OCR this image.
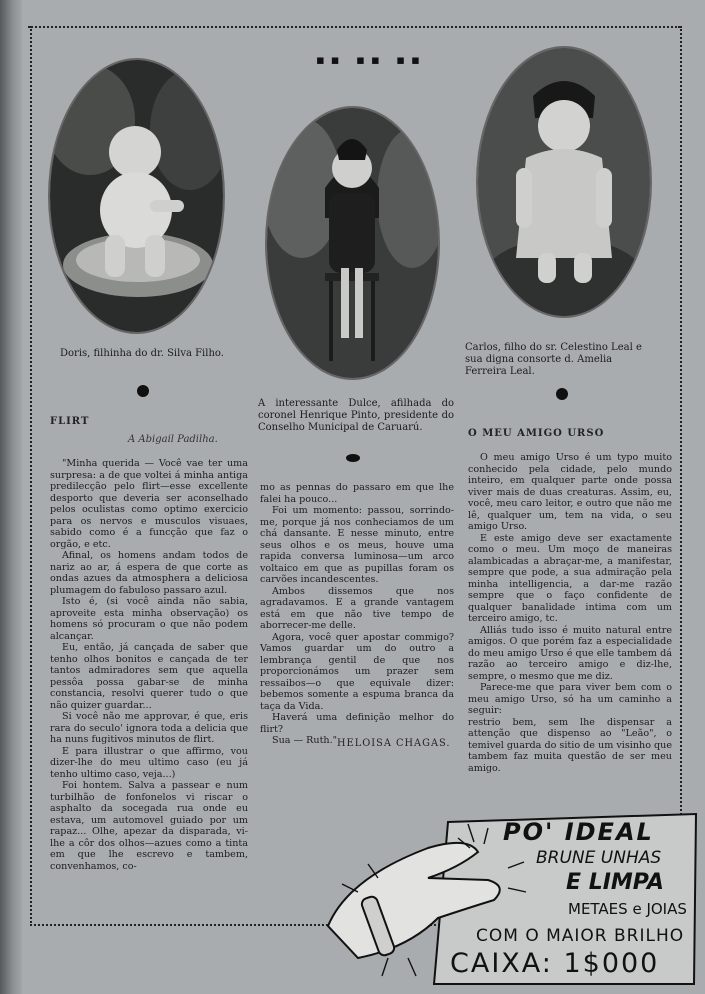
▪▪ ▪▪ ▪▪
Doris, filhinha do dr. Silva Filho.
A interessante Dulce, afilhada do coronel Henrique Pinto, presidente do Conselho Municipal de Caruarú.
Carlos, filho do sr. Celestino Leal e sua digna consorte d. Amelia Ferreira Leal.
FLIRT
A Abigail Padilha.

"Minha querida — Você vae ter uma surpresa: a de que voltei á minha antiga predilecção pelo flirt—esse excellente desporto que deveria ser aconselhado pelos oculistas como optimo exercicio para os nervos e musculos visuaes, sabido como é a funcção que faz o orgão, e etc.

Afinal, os homens andam todos de nariz ao ar, á espera de que corte as ondas azues da atmosphera a deliciosa plumagem do fabuloso passaro azul.

Isto é, (si você ainda não sabia, aproveite esta minha observação) os homens só procuram o que não podem alcançar.

Eu, então, já cançada de saber que tenho olhos bonitos e cançada de ter tantos admiradores sem que aquella pessôa possa gabar-se de minha constancia, resolvi querer tudo o que não quizer guardar...

Si você não me approvar, é que, eris rara do seculo' ignora toda a delicia que ha nuns fugitivos minutos de flirt.

E para illustrar o que affirmo, vou dizer-lhe do meu ultimo caso (eu já tenho ultimo caso, veja...)

Foi hontem. Salva a passear e num turbilhão de fonfonelos vi riscar o asphalto da socegada rua onde eu estava, um automovel guiado por um rapaz... Olhe, apezar da disparada, vi-lhe a côr dos olhos—azues como a tinta em que lhe escrevo e tambem, convenhamos, co-

mo as pennas do passaro em que lhe falei ha pouco...

Foi um momento: passou, sorrindo-me, porque já nos conheciamos de um chá dansante. E nesse minuto, entre seus olhos e os meus, houve uma rapida conversa luminosa—um arco voltaico em que as pupillas foram os carvões incandescentes.

Ambos dissemos que nos agradavamos. E a grande vantagem está em que não tive tempo de aborrecer-me delle.

Agora, você quer apostar commigo? Vamos guardar um do outro a lembrança gentil de que nos proporcionámos um prazer sem ressaibos—o que equivale dizer: bebemos somente a espuma branca da taça da Vida.

Haverá uma definição melhor do flirt?

Sua — Ruth." HELOISA CHAGAS.
O MEU AMIGO URSO

O meu amigo Urso é um typo muito conhecido pela cidade, pelo mundo inteiro, em qualquer parte onde possa viver mais de duas creaturas. Assim, eu, você, meu caro leitor, e outro que não me lê, qualquer um, tem na vida, o seu amigo Urso.

E este amigo deve ser exactamente como o meu. Um moço de maneiras alambicadas a abraçar-me, a manifestar, sempre que pode, a sua admiração pela minha intelligencia, a dar-me razão sempre que o faço confidente de qualquer banalidade intima com um terceiro amigo, tc.

Alliás tudo isso é muito natural entre amigos. O que porém faz a especialidade do meu amigo Urso é que elle tambem dá razão ao terceiro amigo e diz-lhe, sempre, o mesmo que me diz.

Parece-me que para viver bem com o meu amigo Urso, só ha um caminho a seguir:

restrio bem, sem lhe dispensar a attenção que dispenso ao "Leão", o temivel guarda do sitio de um visinho que tambem faz muita questão de ser meu amigo.

PO' IDEAL
BRUNE UNHAS
E LIMPA
METAES e JOIAS
COM O MAIOR BRILHO
CAIXA: 1$000
